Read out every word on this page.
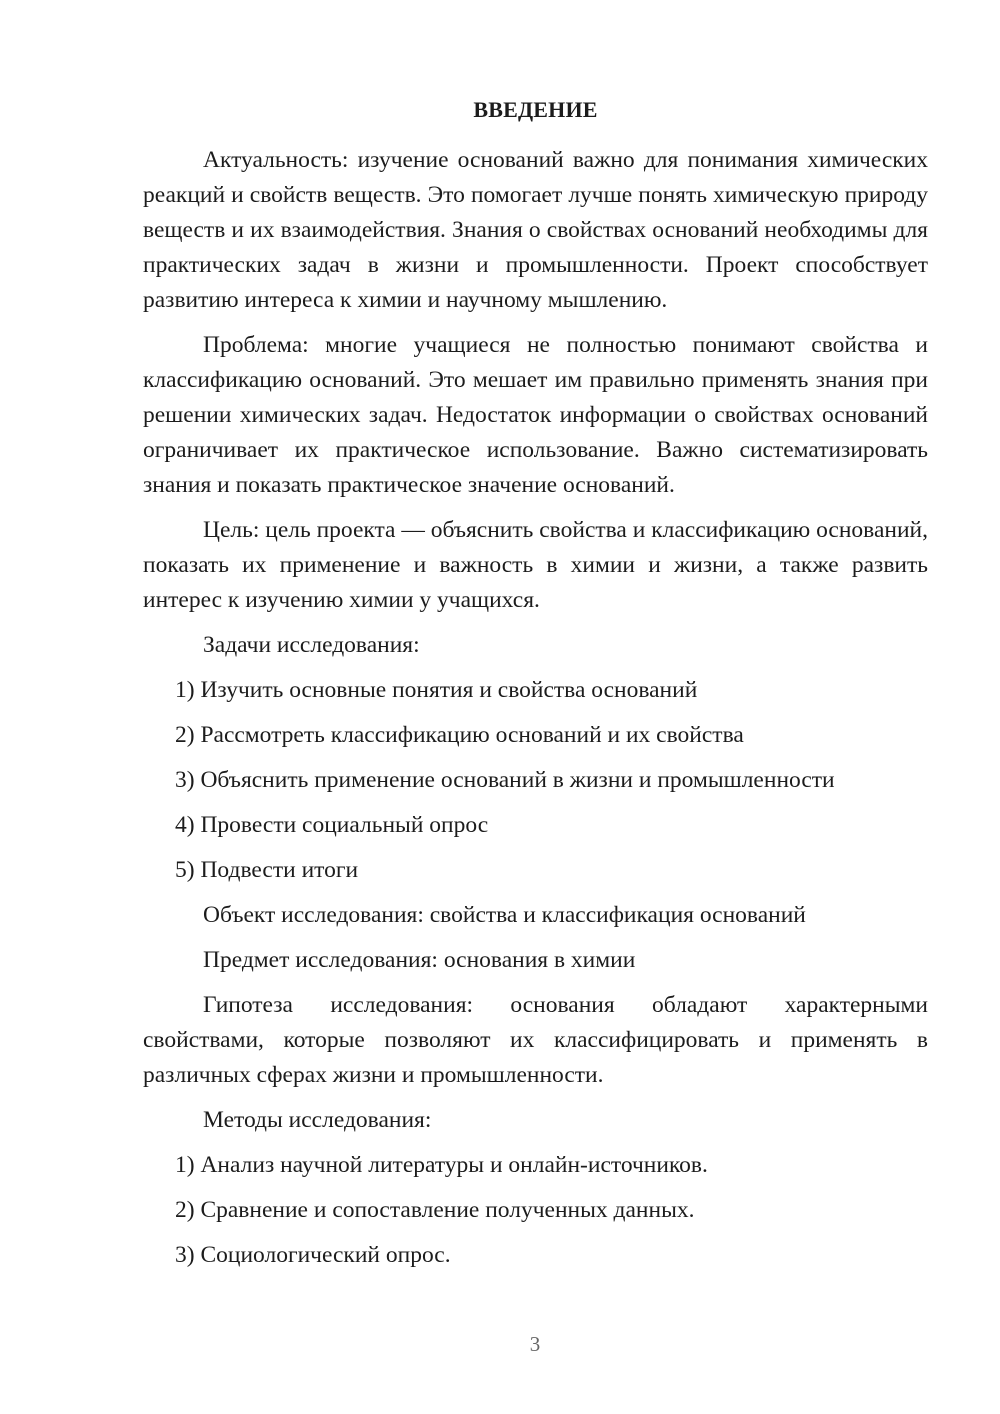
ВВЕДЕНИЕ

Актуальность: изучение оснований важно для понимания химических реакций и свойств веществ. Это помогает лучше понять химическую природу веществ и их взаимодействия. Знания о свойствах оснований необходимы для практических задач в жизни и промышленности. Проект способствует развитию интереса к химии и научному мышлению.

Проблема: многие учащиеся не полностью понимают свойства и классификацию оснований. Это мешает им правильно применять знания при решении химических задач. Недостаток информации о свойствах оснований ограничивает их практическое использование. Важно систематизировать знания и показать практическое значение оснований.

Цель: цель проекта — объяснить свойства и классификацию оснований, показать их применение и важность в химии и жизни, а также развить интерес к изучению химии у учащихся.

Задачи исследования:
1) Изучить основные понятия и свойства оснований
2) Рассмотреть классификацию оснований и их свойства
3) Объяснить применение оснований в жизни и промышленности
4) Провести социальный опрос
5) Подвести итоги
Объект исследования: свойства и классификация оснований
Предмет исследования: основания в химии

Гипотеза исследования: основания обладают характерными свойствами, которые позволяют их классифицировать и применять в различных сферах жизни и промышленности.

Методы исследования:
1) Анализ научной литературы и онлайн-источников.
2) Сравнение и сопоставление полученных данных.
3) Социологический опрос.
3
